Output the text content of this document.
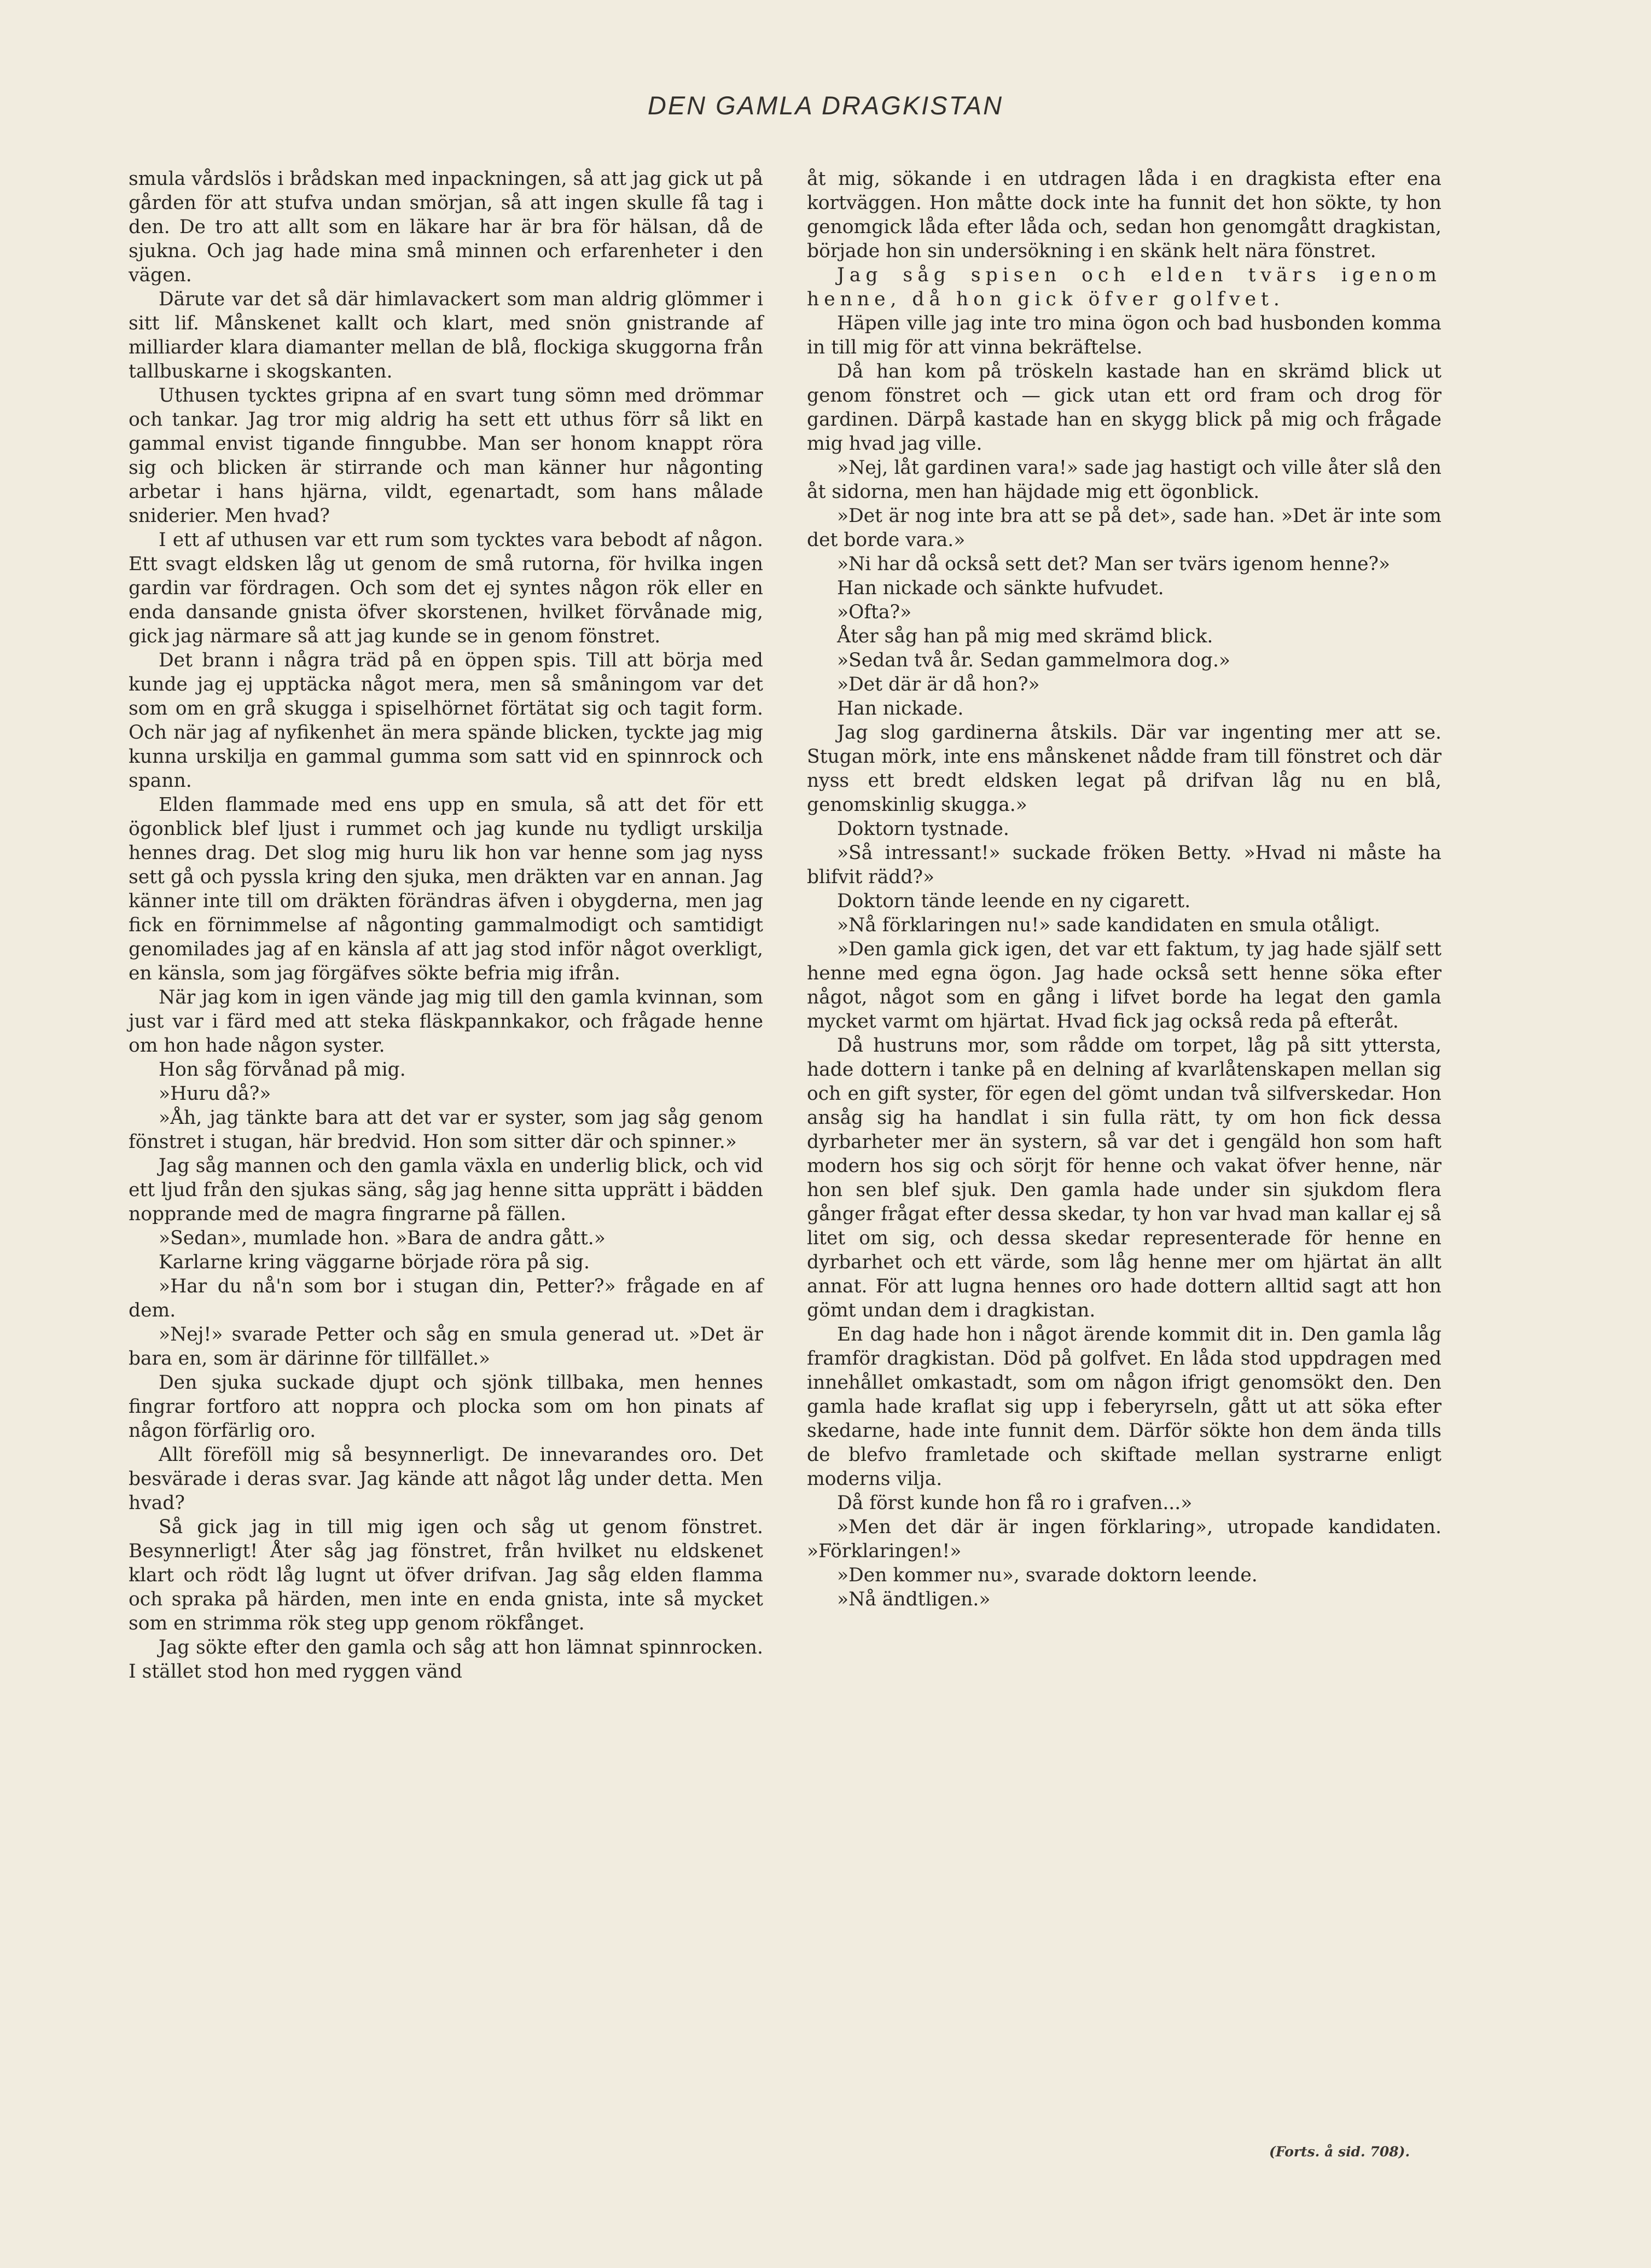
DEN GAMLA DRAGKISTAN

smula vårdslös i brådskan med inpackningen, så att jag gick ut på gården för att stufva undan smörjan, så att ingen skulle få tag i den. De tro att allt som en läkare har är bra för hälsan, då de sjukna. Och jag hade mina små minnen och erfarenheter i den vägen.

Därute var det så där himlavackert som man aldrig glömmer i sitt lif. Månskenet kallt och klart, med snön gnistrande af milliarder klara diamanter mellan de blå, flockiga skuggorna från tallbuskarne i skogskanten.

Uthusen tycktes gripna af en svart tung sömn med drömmar och tankar. Jag tror mig aldrig ha sett ett uthus förr så likt en gammal envist tigande finngubbe. Man ser honom knappt röra sig och blicken är stirrande och man känner hur någonting arbetar i hans hjärna, vildt, egenartadt, som hans målade sniderier. Men hvad?

I ett af uthusen var ett rum som tycktes vara bebodt af någon. Ett svagt eldsken låg ut genom de små rutorna, för hvilka ingen gardin var fördragen. Och som det ej syntes någon rök eller en enda dansande gnista öfver skorstenen, hvilket förvånade mig, gick jag närmare så att jag kunde se in genom fönstret.

Det brann i några träd på en öppen spis. Till att börja med kunde jag ej upptäcka något mera, men så småningom var det som om en grå skugga i spiselhörnet förtätat sig och tagit form. Och när jag af nyfikenhet än mera spände blicken, tyckte jag mig kunna urskilja en gammal gumma som satt vid en spinnrock och spann.

Elden flammade med ens upp en smula, så att det för ett ögonblick blef ljust i rummet och jag kunde nu tydligt urskilja hennes drag. Det slog mig huru lik hon var henne som jag nyss sett gå och pyssla kring den sjuka, men dräkten var en annan. Jag känner inte till om dräkten förändras äfven i obygderna, men jag fick en förnimmelse af någonting gammalmodigt och samtidigt genomilades jag af en känsla af att jag stod inför något overkligt, en känsla, som jag förgäfves sökte befria mig ifrån.

När jag kom in igen vände jag mig till den gamla kvinnan, som just var i färd med att steka fläskpannkakor, och frågade henne om hon hade någon syster.

Hon såg förvånad på mig.

»Huru då?»

»Åh, jag tänkte bara att det var er syster, som jag såg genom fönstret i stugan, här bredvid. Hon som sitter där och spinner.»

Jag såg mannen och den gamla växla en underlig blick, och vid ett ljud från den sjukas säng, såg jag henne sitta upprätt i bädden nopprande med de magra fingrarne på fällen.

»Sedan», mumlade hon. »Bara de andra gått.»

Karlarne kring väggarne började röra på sig.

»Har du nå'n som bor i stugan din, Petter?» frågade en af dem.

»Nej!» svarade Petter och såg en smula generad ut. »Det är bara en, som är därinne för tillfället.»

Den sjuka suckade djupt och sjönk tillbaka, men hennes fingrar fortforo att noppra och plocka som om hon pinats af någon förfärlig oro.

Allt föreföll mig så besynnerligt. De innevarandes oro. Det besvärade i deras svar. Jag kände att något låg under detta. Men hvad?

Så gick jag in till mig igen och såg ut genom fönstret. Besynnerligt! Åter såg jag fönstret, från hvilket nu eldskenet klart och rödt låg lugnt ut öfver drifvan. Jag såg elden flamma och spraka på härden, men inte en enda gnista, inte så mycket som en strimma rök steg upp genom rökfånget.

Jag sökte efter den gamla och såg att hon lämnat spinnrocken. I stället stod hon med ryggen vänd

åt mig, sökande i en utdragen låda i en dragkista efter ena kortväggen. Hon måtte dock inte ha funnit det hon sökte, ty hon genomgick låda efter låda och, sedan hon genomgått dragkistan, började hon sin undersökning i en skänk helt nära fönstret.

Jag såg spisen och elden tvärs igenom henne, då hon gick öfver golfvet.

Häpen ville jag inte tro mina ögon och bad husbonden komma in till mig för att vinna bekräftelse.

Då han kom på tröskeln kastade han en skrämd blick ut genom fönstret och — gick utan ett ord fram och drog för gardinen. Därpå kastade han en skygg blick på mig och frågade mig hvad jag ville.

»Nej, låt gardinen vara!» sade jag hastigt och ville åter slå den åt sidorna, men han häjdade mig ett ögonblick.

»Det är nog inte bra att se på det», sade han. »Det är inte som det borde vara.»

»Ni har då också sett det? Man ser tvärs igenom henne?»

Han nickade och sänkte hufvudet.

»Ofta?»

Åter såg han på mig med skrämd blick.

»Sedan två år. Sedan gammelmora dog.»

»Det där är då hon?»

Han nickade.

Jag slog gardinerna åtskils. Där var ingenting mer att se. Stugan mörk, inte ens månskenet nådde fram till fönstret och där nyss ett bredt eldsken legat på drifvan låg nu en blå, genomskinlig skugga.»

Doktorn tystnade.

»Så intressant!» suckade fröken Betty. »Hvad ni måste ha blifvit rädd?»

Doktorn tände leende en ny cigarett.

»Nå förklaringen nu!» sade kandidaten en smula otåligt.

»Den gamla gick igen, det var ett faktum, ty jag hade själf sett henne med egna ögon. Jag hade också sett henne söka efter något, något som en gång i lifvet borde ha legat den gamla mycket varmt om hjärtat. Hvad fick jag också reda på efteråt.

Då hustruns mor, som rådde om torpet, låg på sitt yttersta, hade dottern i tanke på en delning af kvarlåtenskapen mellan sig och en gift syster, för egen del gömt undan två silfverskedar. Hon ansåg sig ha handlat i sin fulla rätt, ty om hon fick dessa dyrbarheter mer än systern, så var det i gengäld hon som haft modern hos sig och sörjt för henne och vakat öfver henne, när hon sen blef sjuk. Den gamla hade under sin sjukdom flera gånger frågat efter dessa skedar, ty hon var hvad man kallar ej så litet om sig, och dessa skedar representerade för henne en dyrbarhet och ett värde, som låg henne mer om hjärtat än allt annat. För att lugna hennes oro hade dottern alltid sagt att hon gömt undan dem i dragkistan.

En dag hade hon i något ärende kommit dit in. Den gamla låg framför dragkistan. Död på golfvet. En låda stod uppdragen med innehållet omkastadt, som om någon ifrigt genomsökt den. Den gamla hade kraflat sig upp i feberyrseln, gått ut att söka efter skedarne, hade inte funnit dem. Därför sökte hon dem ända tills de blefvo framletade och skiftade mellan systrarne enligt moderns vilja.

Då först kunde hon få ro i grafven...»

»Men det där är ingen förklaring», utropade kandidaten. »Förklaringen!»

»Den kommer nu», svarade doktorn leende.

»Nå ändtligen.»

(Forts. å sid. 708).
